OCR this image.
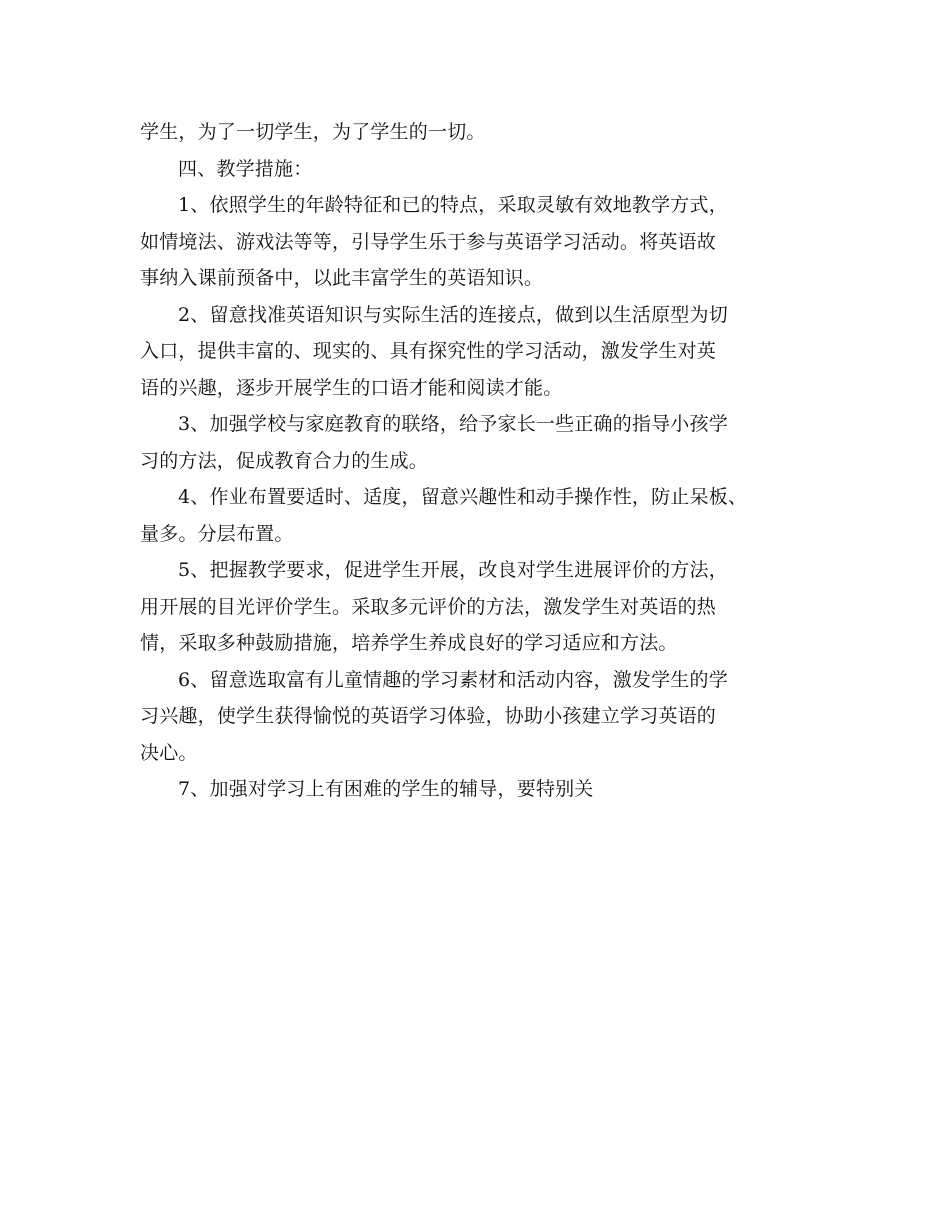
学生，为了一切学生，为了学生的一切。
四、教学措施：
1、依照学生的年龄特征和已的特点，采取灵敏有效地教学方式，
如情境法、游戏法等等，引导学生乐于参与英语学习活动。将英语故
事纳入课前预备中，以此丰富学生的英语知识。
2、留意找准英语知识与实际生活的连接点，做到以生活原型为切
入口，提供丰富的、现实的、具有探究性的学习活动，激发学生对英
语的兴趣，逐步开展学生的口语才能和阅读才能。
3、加强学校与家庭教育的联络，给予家长一些正确的指导小孩学
习的方法，促成教育合力的生成。
4、作业布置要适时、适度，留意兴趣性和动手操作性，防止呆板、
量多。分层布置。
5、把握教学要求，促进学生开展，改良对学生进展评价的方法，
用开展的目光评价学生。采取多元评价的方法，激发学生对英语的热
情，采取多种鼓励措施，培养学生养成良好的学习适应和方法。
6、留意选取富有儿童情趣的学习素材和活动内容，激发学生的学
习兴趣，使学生获得愉悦的英语学习体验，协助小孩建立学习英语的
决心。
7、加强对学习上有困难的学生的辅导，要特别关
